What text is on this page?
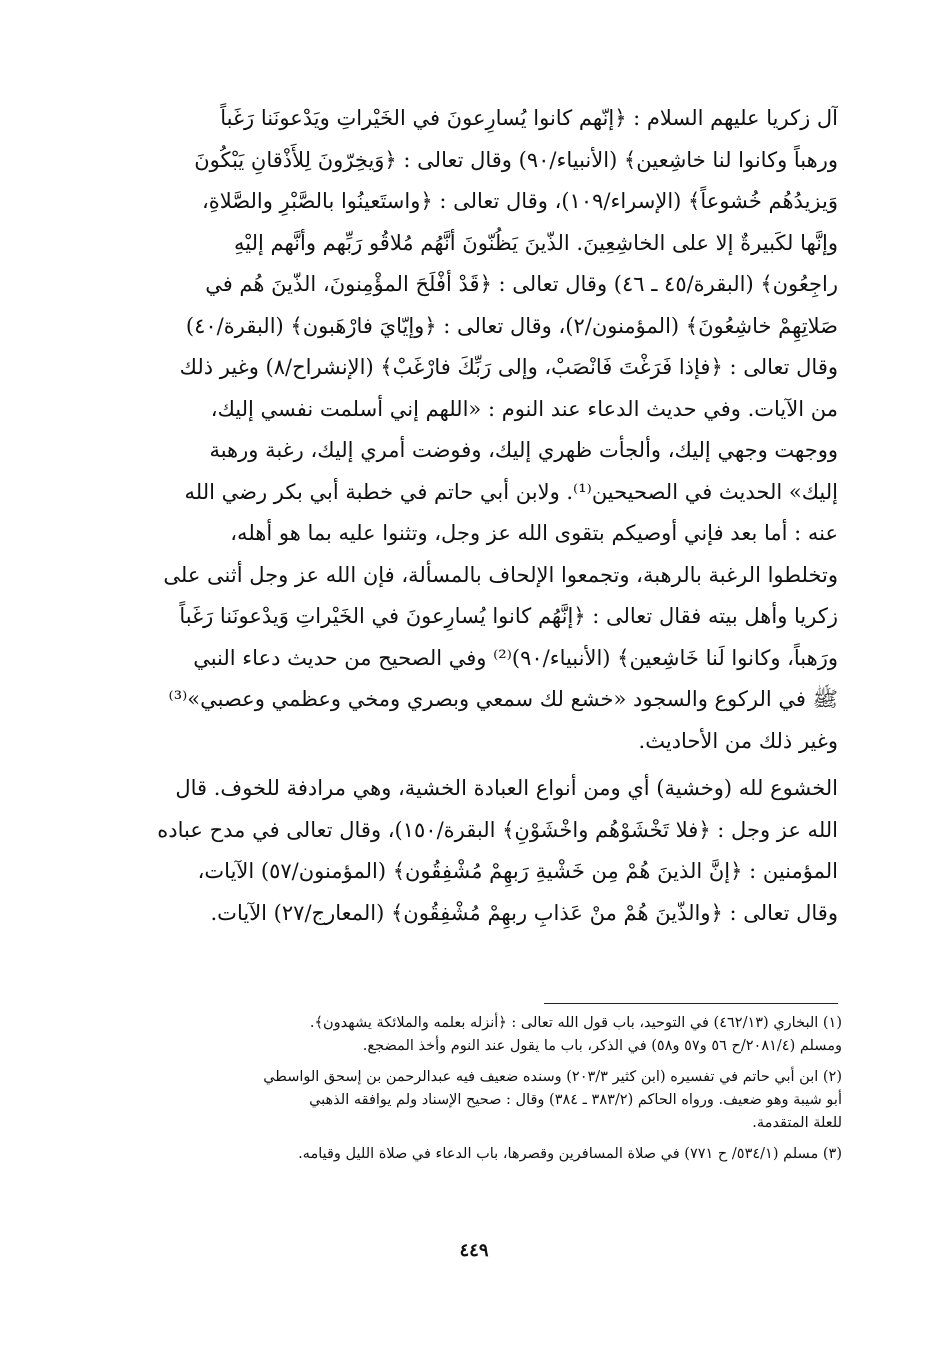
آل زكريا عليهم السلام : ﴿إنّهم كانوا يُسارِعونَ في الخَيْراتِ ويَدْعونَنا رَغَباً
ورهباً وكانوا لنا خاشِعين﴾ (الأنبياء/٩٠) وقال تعالى : ﴿وَيخِرّونَ لِلأَذْقانِ يَبْكُونَ
وَيزيدُهُم خُشوعاً﴾ (الإسراء/١٠٩)، وقال تعالى : ﴿واستَعينُوا بالصَّبْرِ والصَّلاةِ،
وإنَّها لكَبيرةٌ إلا على الخاشِعِينَ. الذّينَ يَظُنّونَ أنَّهُم مُلاقُو رَبِّهم وأنَّهم إليْهِ
راجِعُون﴾ (البقرة/٤٥ ـ ٤٦) وقال تعالى : ﴿قَدْ أفْلَحَ المؤْمِنونَ، الذّينَ هُم في
صَلاتِهِمْ خاشِعُونَ﴾ (المؤمنون/٢)، وقال تعالى : ﴿وإيّايَ فارْهَبون﴾ (البقرة/٤٠)
وقال تعالى : ﴿فإذا فَرَغْتَ فَانْصَبْ، وإلى رَبِّكَ فارْغَبْ﴾ (الإنشراح/٨) وغير ذلك
من الآيات. وفي حديث الدعاء عند النوم : «اللهم إني أسلمت نفسي إليك،
ووجهت وجهي إليك، وألجأت ظهري إليك، وفوضت أمري إليك، رغبة ورهبة
إليك» الحديث في الصحيحين⁽¹⁾. ولابن أبي حاتم في خطبة أبي بكر رضي الله
عنه : أما بعد فإني أوصيكم بتقوى الله عز وجل، وتثنوا عليه بما هو أهله،
وتخلطوا الرغبة بالرهبة، وتجمعوا الإلحاف بالمسألة، فإن الله عز وجل أثنى على
زكريا وأهل بيته فقال تعالى : ﴿إنَّهُم كانوا يُسارِعونَ في الخَيْراتِ وَيدْعونَنا رَغَباً
ورَهباً، وكانوا لَنا خَاشِعين﴾ (الأنبياء/٩٠)⁽²⁾ وفي الصحيح من حديث دعاء النبي
ﷺ في الركوع والسجود «خشع لك سمعي وبصري ومخي وعظمي وعصبي»⁽³⁾
وغير ذلك من الأحاديث.
الخشوع لله (وخشية) أي ومن أنواع العبادة الخشية، وهي مرادفة للخوف. قال
الله عز وجل : ﴿فلا تَخْشَوْهُم واخْشَوْنِ﴾ البقرة/١٥٠)، وقال تعالى في مدح عباده
المؤمنين : ﴿إنَّ الذينَ هُمْ مِن خَشْيةِ رَبهِمْ مُشْفِقُون﴾ (المؤمنون/٥٧) الآيات،
وقال تعالى : ﴿والذّينَ هُمْ منْ عَذابِ ربهِمْ مُشْفِقُون﴾ (المعارج/٢٧) الآيات.
(١) البخاري (٤٦٢/١٣) في التوحيد، باب قول الله تعالى : ﴿أنزله بعلمه والملائكة يشهدون﴾.
ومسلم (٢٠٨١/٤/ح ٥٦ و٥٧ و٥٨) في الذكر، باب ما يقول عند النوم وأخذ المضجع.
(٢) ابن أبي حاتم في تفسيره (ابن كثير ٢٠٣/٣) وسنده ضعيف فيه عبدالرحمن بن إسحق الواسطي
أبو شيبة وهو ضعيف. ورواه الحاكم (٣٨٣/٢ ـ ٣٨٤) وقال : صحيح الإسناد ولم يوافقه الذهبي
للعلة المتقدمة.
(٣) مسلم (٥٣٤/١/ ح ٧٧١) في صلاة المسافرين وقصرها، باب الدعاء في صلاة الليل وقيامه.
٤٤٩
